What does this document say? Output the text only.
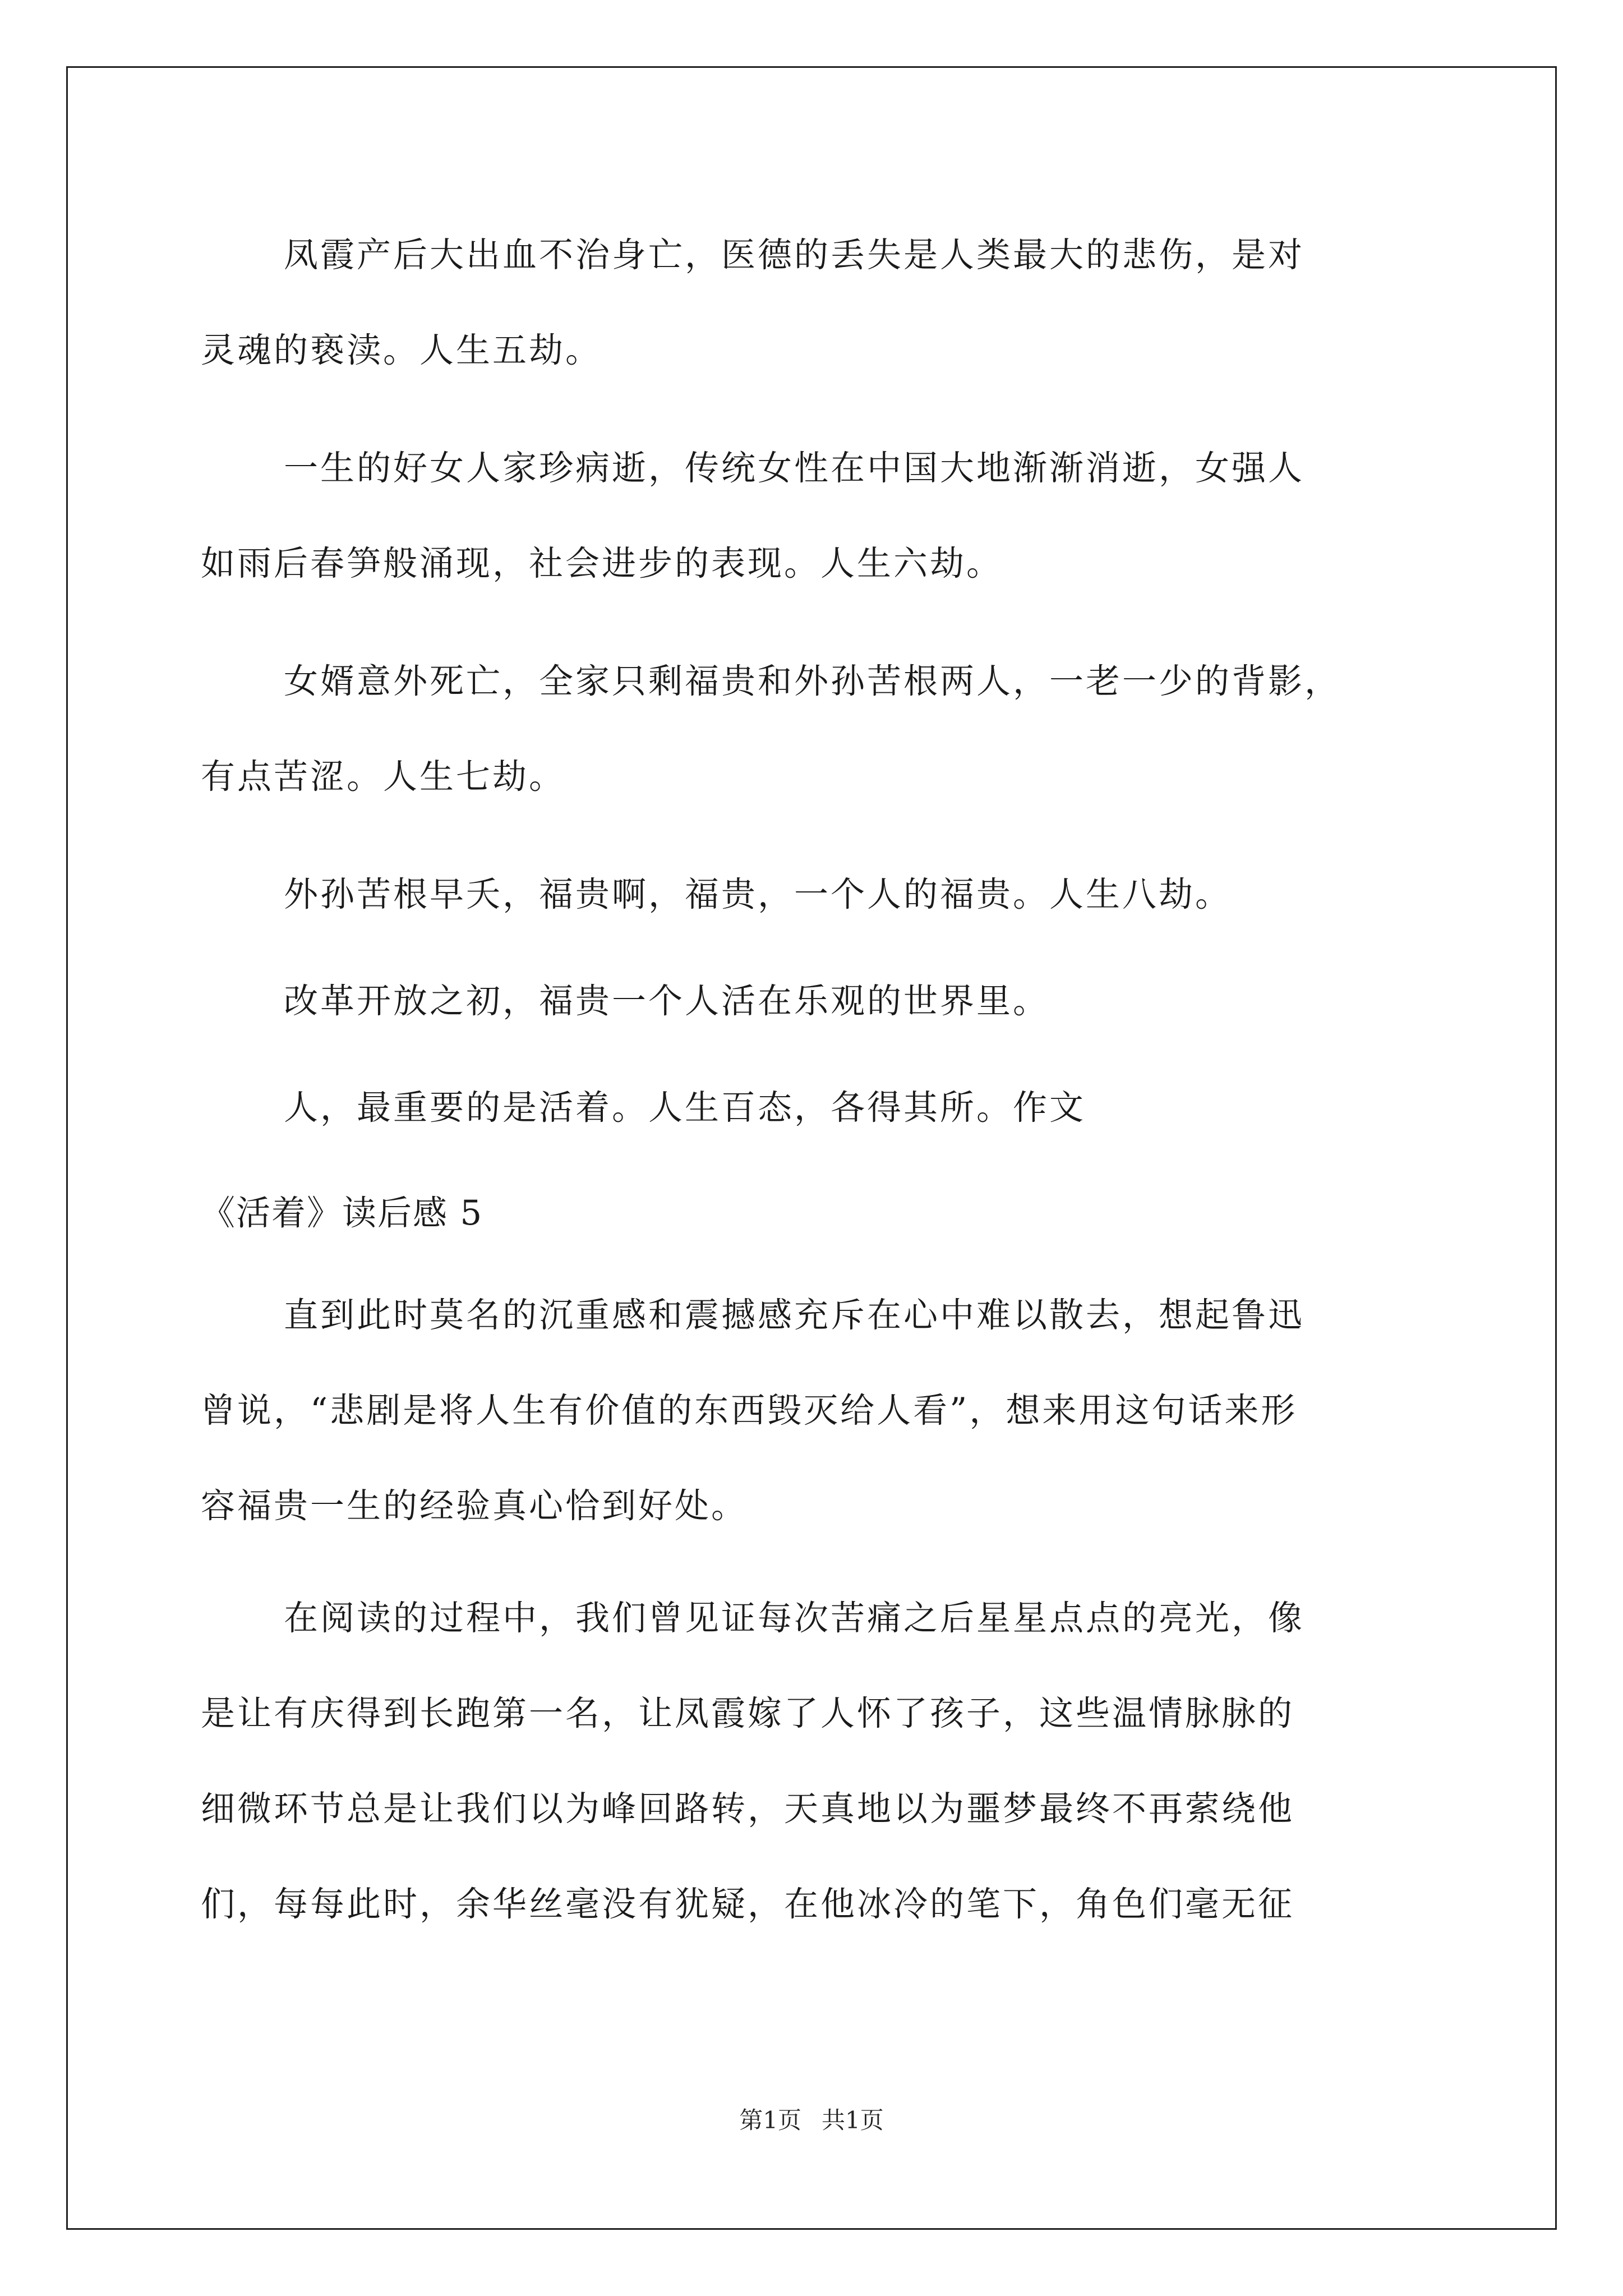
凤霞产后大出血不治身亡，医德的丢失是人类最大的悲伤，是对
灵魂的亵渎。人生五劫。

一生的好女人家珍病逝，传统女性在中国大地渐渐消逝，女强人
如雨后春笋般涌现，社会进步的表现。人生六劫。

女婿意外死亡，全家只剩福贵和外孙苦根两人，一老一少的背影，
有点苦涩。人生七劫。

外孙苦根早夭，福贵啊，福贵，一个人的福贵。人生八劫。

改革开放之初，福贵一个人活在乐观的世界里。

人，最重要的是活着。人生百态，各得其所。作文

《活着》读后感 5

直到此时莫名的沉重感和震撼感充斥在心中难以散去，想起鲁迅
曾说，“悲剧是将人生有价值的东西毁灭给人看”，想来用这句话来形
容福贵一生的经验真心恰到好处。

在阅读的过程中，我们曾见证每次苦痛之后星星点点的亮光，像
是让有庆得到长跑第一名，让凤霞嫁了人怀了孩子，这些温情脉脉的
细微环节总是让我们以为峰回路转，天真地以为噩梦最终不再萦绕他
们，每每此时，余华丝毫没有犹疑，在他冰冷的笔下，角色们毫无征

第1页 共1页
